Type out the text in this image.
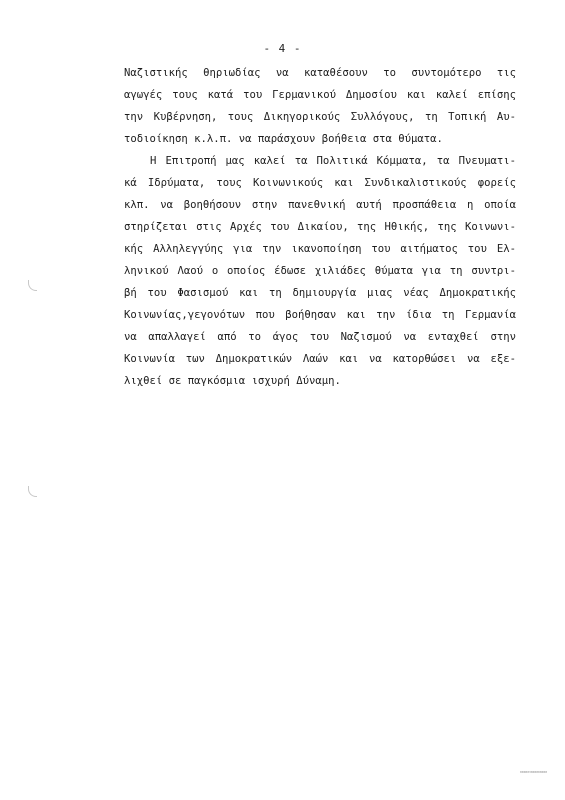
- 4 -
Ναζιστικής θηριωδίας να καταθέσουν το συντομότερο τις
αγωγές τους κατά του Γερμανικού Δημοσίου και καλεί επίσης
την Κυβέρνηση, τους Δικηγορικούς Συλλόγους, τη Τοπική Αυ-
τοδιοίκηση κ.λ.π. να παράσχουν βοήθεια στα θύματα.
Η Επιτροπή μας καλεί τα Πολιτικά Κόμματα, τα Πνευματι-
κά Ιδρύματα, τους Κοινωνικούς και Συνδικαλιστικούς φορείς
κλπ. να βοηθήσουν στην πανεθνική αυτή προσπάθεια η οποία
στηρίζεται στις Αρχές του Δικαίου, της Ηθικής, της Κοινωνι-
κής Αλληλεγγύης για την ικανοποίηση του αιτήματος του Ελ-
ληνικού Λαού ο οποίος έδωσε χιλιάδες θύματα για τη συντρι-
βή του Φασισμού και τη δημιουργία μιας νέας Δημοκρατικής
Κοινωνίας,γεγονότων που βοήθησαν και την ίδια τη Γερμανία
να απαλλαγεί από το άγος του Ναζισμού να ενταχθεί στην
Κοινωνία των Δημοκρατικών Λαών και να κατορθώσει να εξε-
λιχθεί σε παγκόσμια ισχυρή Δύναμη.
000003000000000
